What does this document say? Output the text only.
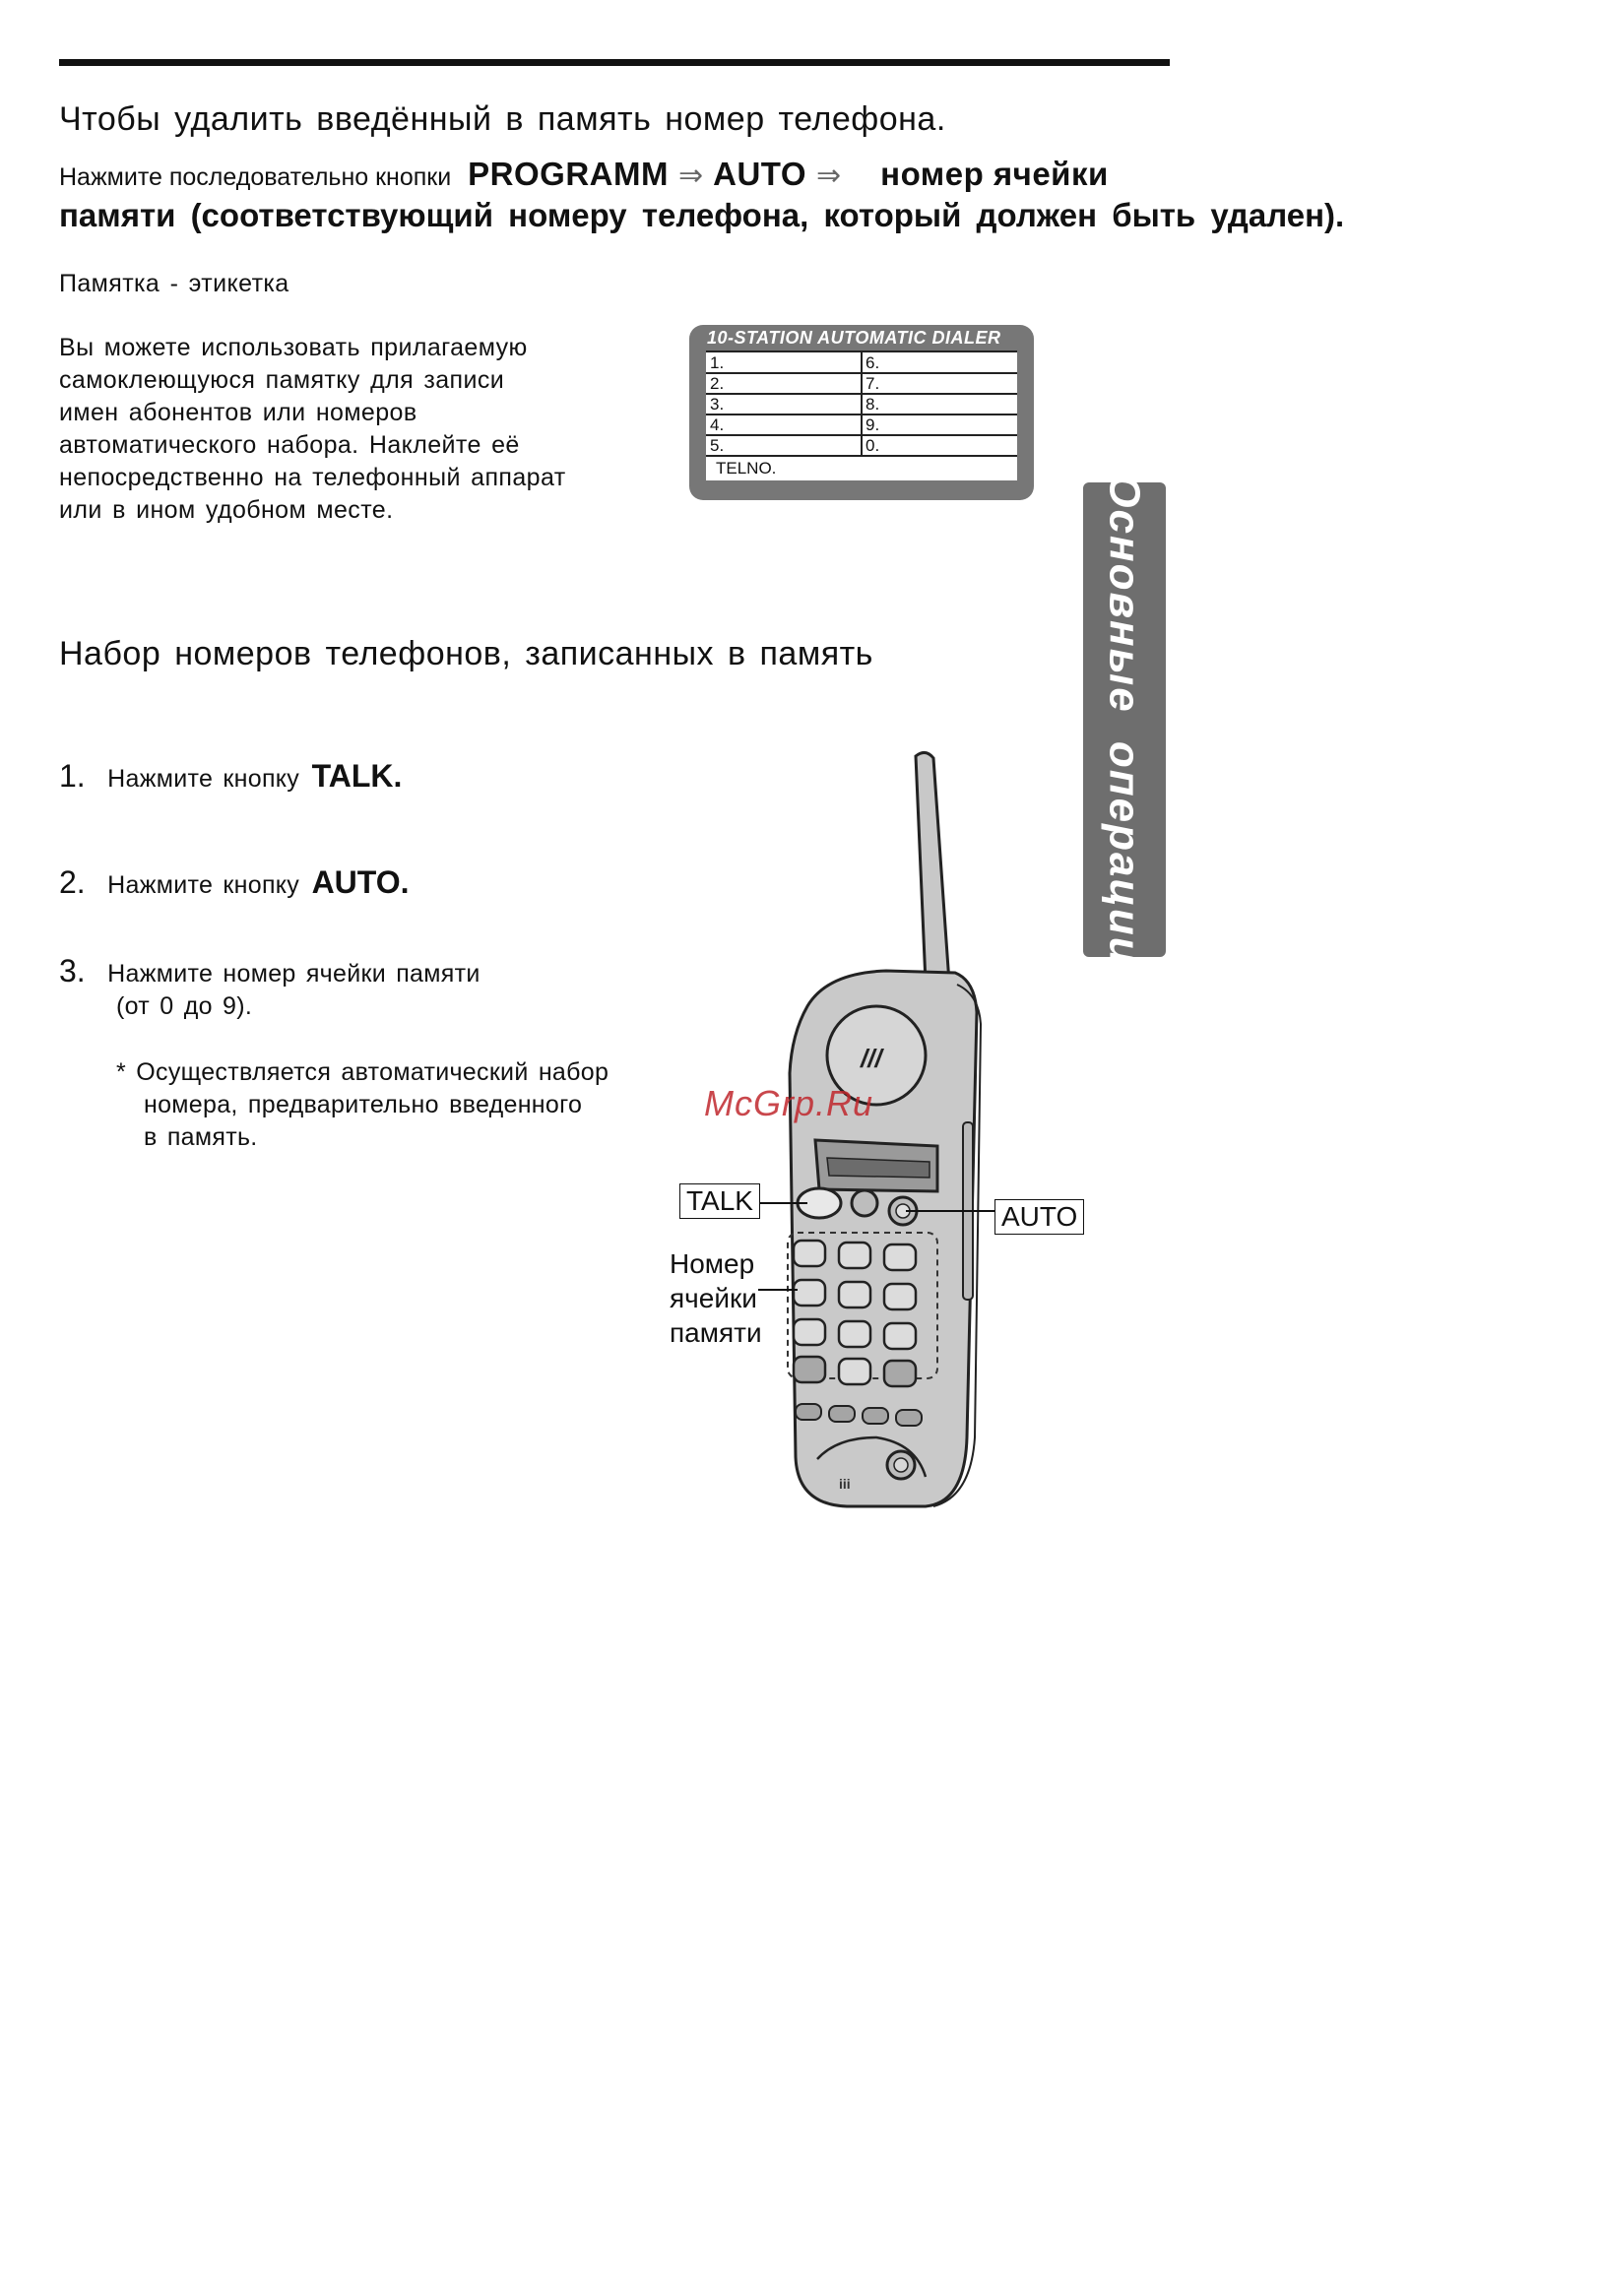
Чтобы удалить введённый в память номер телефона.
Нажмите последовательно кнопки PROGRAMM ⇒ AUTO ⇒ номер ячейки
памяти (соответствующий номеру телефона, который должен быть удален).
Памятка - этикетка
Вы можете использовать прилагаемую
самоклеющуюся памятку для записи
имен абонентов или номеров
автоматического набора. Наклейте её
непосредственно на телефонный аппарат
или в ином удобном месте.
10-STATION AUTOMATIC DIALER
1.
2.
3.
4.
5.
6.
7.
8.
9.
0.
TELNO.
Основные операции
Набор номеров телефонов, записанных в память
1. Нажмите кнопку TALK.
2. Нажмите кнопку AUTO.
3. Нажмите номер ячейки памяти
(от 0 до 9).
* Осуществляется автоматический набор
номера, предварительно введенного
в память.
///
iii
TALK
AUTO
Номер
ячейки
памяти
McGrp.Ru
